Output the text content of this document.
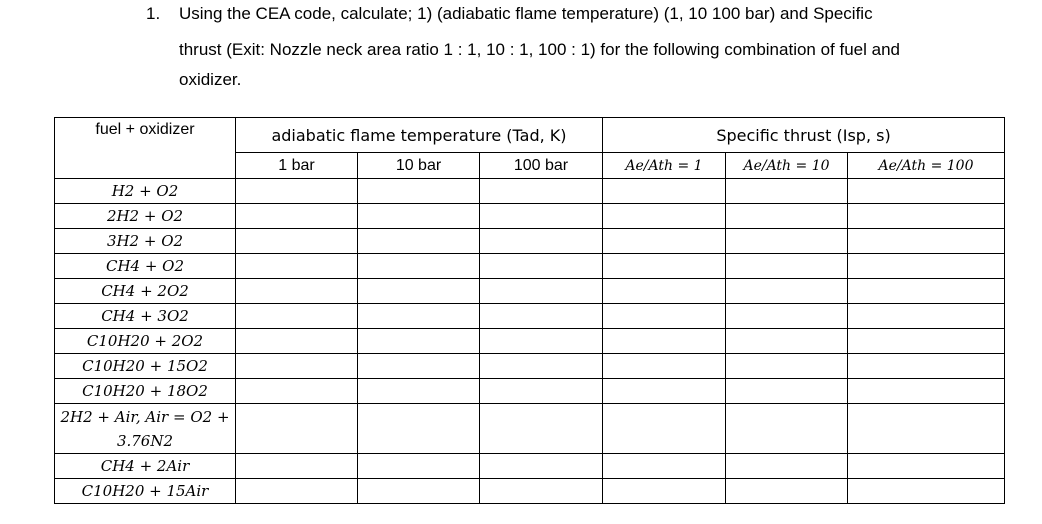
1. Using the CEA code, calculate; 1) (adiabatic flame temperature) (1, 10 100 bar) and Specific
thrust (Exit: Nozzle neck area ratio 1 : 1, 10 : 1, 100 : 1) for the following combination of fuel and
oxidizer.
fuel + oxidizer	adiabatic flame temperature (Tad, K)			Specific thrust (Isp, s)		
	1 bar	10 bar	100 bar	Ae/Ath = 1	Ae/Ath = 10	Ae/Ath = 100
H2 + O2						
2H2 + O2						
3H2 + O2						
CH4 + O2						
CH4 + 2O2						
CH4 + 3O2						
C10H20 + 2O2						
C10H20 + 15O2						
C10H20 + 18O2						
2H2 + Air, Air = O2 + 3.76N2						
CH4 + 2Air						
C10H20 + 15Air						
